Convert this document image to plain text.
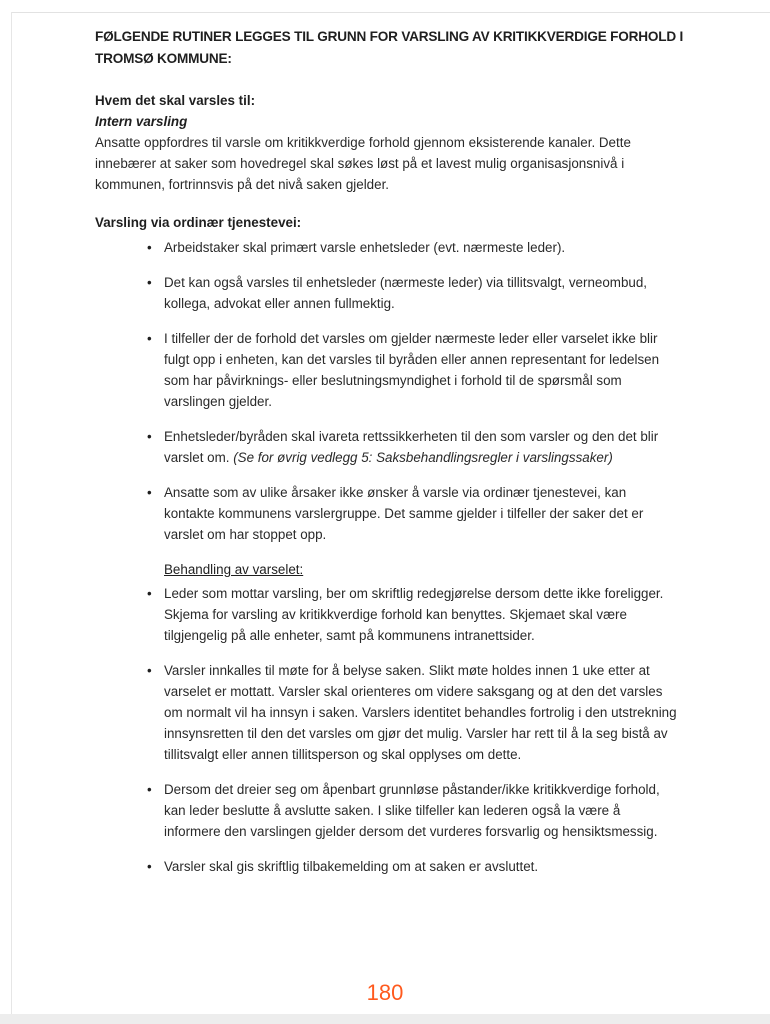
FØLGENDE RUTINER LEGGES TIL GRUNN FOR VARSLING AV KRITIKKVERDIGE FORHOLD I TROMSØ KOMMUNE:
Hvem det skal varsles til:
Intern varsling
Ansatte oppfordres til varsle om kritikkverdige forhold gjennom eksisterende kanaler. Dette innebærer at saker som hovedregel skal søkes løst på et lavest mulig organisasjonsnivå i kommunen, fortrinnsvis på det nivå saken gjelder.
Varsling via ordinær tjenestevei:
• Arbeidstaker skal primært varsle enhetsleder (evt. nærmeste leder).
• Det kan også varsles til enhetsleder (nærmeste leder) via tillitsvalgt, verneombud, kollega, advokat eller annen fullmektig.
• I tilfeller der de forhold det varsles om gjelder nærmeste leder eller varselet ikke blir fulgt opp i enheten, kan det varsles til byråden eller annen representant for ledelsen som har påvirknings- eller beslutningsmyndighet i forhold til de spørsmål som varslingen gjelder.
• Enhetsleder/byråden skal ivareta rettssikkerheten til den som varsler og den det blir varslet om. (Se for øvrig vedlegg 5: Saksbehandlingsregler i varslingssaker)
• Ansatte som av ulike årsaker ikke ønsker å varsle via ordinær tjenestevei, kan kontakte kommunens varslergruppe. Det samme gjelder i tilfeller der saker det er varslet om har stoppet opp.
Behandling av varselet:
• Leder som mottar varsling, ber om skriftlig redegjørelse dersom dette ikke foreligger. Skjema for varsling av kritikkverdige forhold kan benyttes. Skjemaet skal være tilgjengelig på alle enheter, samt på kommunens intranettsider.
• Varsler innkalles til møte for å belyse saken. Slikt møte holdes innen 1 uke etter at varselet er mottatt. Varsler skal orienteres om videre saksgang og at den det varsles om normalt vil ha innsyn i saken. Varslers identitet behandles fortrolig i den utstrekning innsynsretten til den det varsles om gjør det mulig. Varsler har rett til å la seg bistå av tillitsvalgt eller annen tillitsperson og skal opplyses om dette.
• Dersom det dreier seg om åpenbart grunnløse påstander/ikke kritikkverdige forhold, kan leder beslutte å avslutte saken. I slike tilfeller kan lederen også la være å informere den varslingen gjelder dersom det vurderes forsvarlig og hensiktsmessig.
• Varsler skal gis skriftlig tilbakemelding om at saken er avsluttet.
180
